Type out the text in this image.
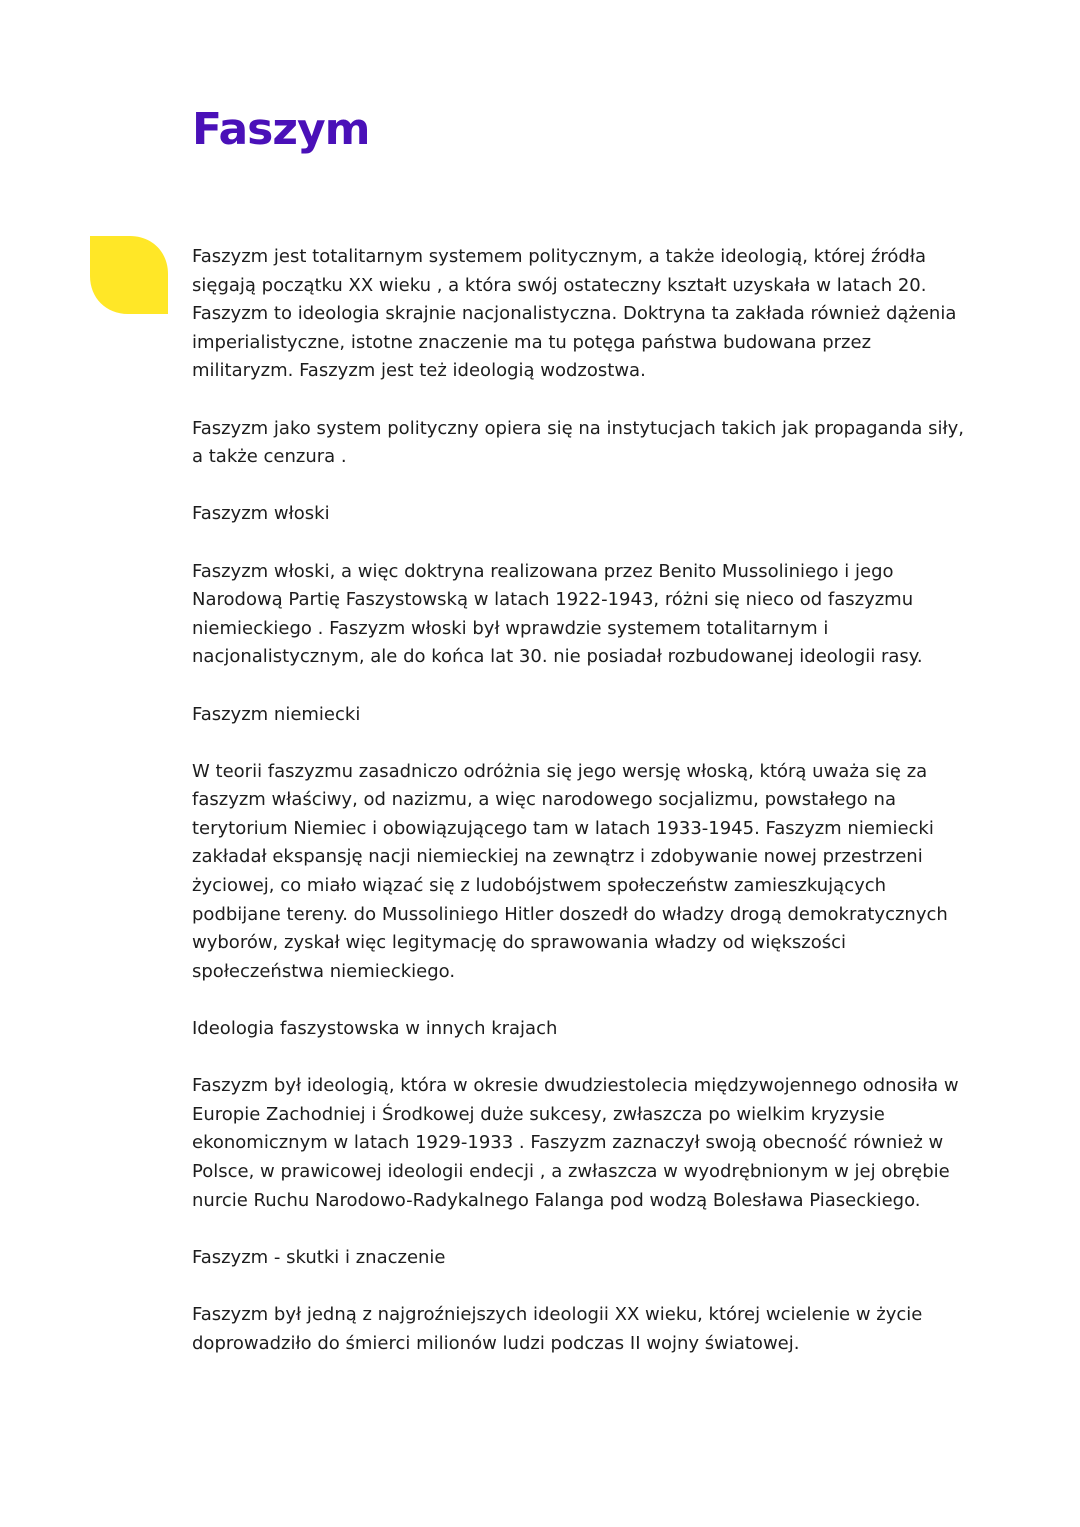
Faszym

Faszyzm jest totalitarnym systemem politycznym, a także ideologią, której źródła sięgają początku XX wieku , a która swój ostateczny kształt uzyskała w latach 20. Faszyzm to ideologia skrajnie nacjonalistyczna. Doktryna ta zakłada również dążenia imperialistyczne, istotne znaczenie ma tu potęga państwa budowana przez militaryzm. Faszyzm jest też ideologią wodzostwa.

Faszyzm jako system polityczny opiera się na instytucjach takich jak propaganda siły, a także cenzura .

Faszyzm włoski

Faszyzm włoski, a więc doktryna realizowana przez Benito Mussoliniego i jego Narodową Partię Faszystowską w latach 1922-1943, różni się nieco od faszyzmu niemieckiego . Faszyzm włoski był wprawdzie systemem totalitarnym i nacjonalistycznym, ale do końca lat 30. nie posiadał rozbudowanej ideologii rasy.

Faszyzm niemiecki

W teorii faszyzmu zasadniczo odróżnia się jego wersję włoską, którą uważa się za faszyzm właściwy, od nazizmu, a więc narodowego socjalizmu, powstałego na terytorium Niemiec i obowiązującego tam w latach 1933-1945. Faszyzm niemiecki zakładał ekspansję nacji niemieckiej na zewnątrz i zdobywanie nowej przestrzeni życiowej, co miało wiązać się z ludobójstwem społeczeństw zamieszkujących podbijane tereny. do Mussoliniego Hitler doszedł do władzy drogą demokratycznych wyborów, zyskał więc legitymację do sprawowania władzy od większości społeczeństwa niemieckiego.

Ideologia faszystowska w innych krajach

Faszyzm był ideologią, która w okresie dwudziestolecia międzywojennego odnosiła w Europie Zachodniej i Środkowej duże sukcesy, zwłaszcza po wielkim kryzysie ekonomicznym w latach 1929-1933 . Faszyzm zaznaczył swoją obecność również w Polsce, w prawicowej ideologii endecji , a zwłaszcza w wyodrębnionym w jej obrębie nurcie Ruchu Narodowo-Radykalnego Falanga pod wodzą Bolesława Piaseckiego.

Faszyzm - skutki i znaczenie

Faszyzm był jedną z najgroźniejszych ideologii XX wieku, której wcielenie w życie doprowadziło do śmierci milionów ludzi podczas II wojny światowej.
